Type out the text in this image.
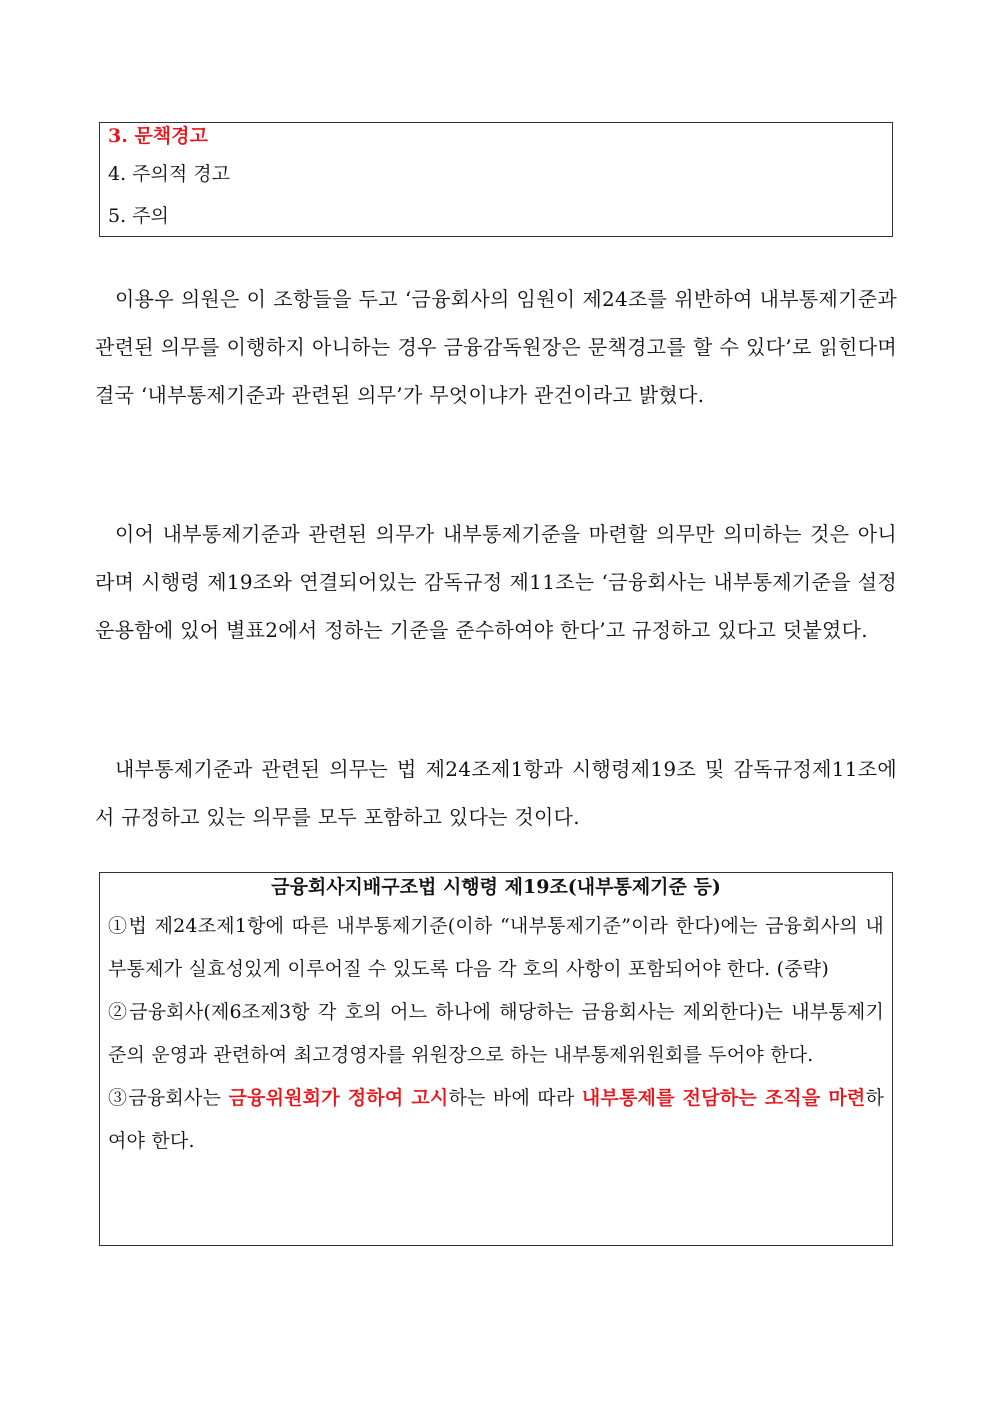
3. 문책경고
4. 주의적 경고
5. 주의

이용우 의원은 이 조항들을 두고 ‘금융회사의 임원이 제24조를 위반하여 내부통제기준과 관련된 의무를 이행하지 아니하는 경우 금융감독원장은 문책경고를 할 수 있다’로 읽힌다며 결국 ‘내부통제기준과 관련된 의무’가 무엇이냐가 관건이라고 밝혔다.

이어 내부통제기준과 관련된 의무가 내부통제기준을 마련할 의무만 의미하는 것은 아니라며 시행령 제19조와 연결되어있는 감독규정 제11조는 ‘금융회사는 내부통제기준을 설정 운용함에 있어 별표2에서 정하는 기준을 준수하여야 한다’고 규정하고 있다고 덧붙였다.

내부통제기준과 관련된 의무는 법 제24조제1항과 시행령제19조 및 감독규정제11조에서 규정하고 있는 의무를 모두 포함하고 있다는 것이다.

금융회사지배구조법 시행령 제19조(내부통제기준 등)

①법 제24조제1항에 따른 내부통제기준(이하 “내부통제기준”이라 한다)에는 금융회사의 내부통제가 실효성있게 이루어질 수 있도록 다음 각 호의 사항이 포함되어야 한다. (중략)

②금융회사(제6조제3항 각 호의 어느 하나에 해당하는 금융회사는 제외한다)는 내부통제기준의 운영과 관련하여 최고경영자를 위원장으로 하는 내부통제위원회를 두어야 한다.

③금융회사는 금융위원회가 정하여 고시하는 바에 따라 내부통제를 전담하는 조직을 마련하여야 한다.
